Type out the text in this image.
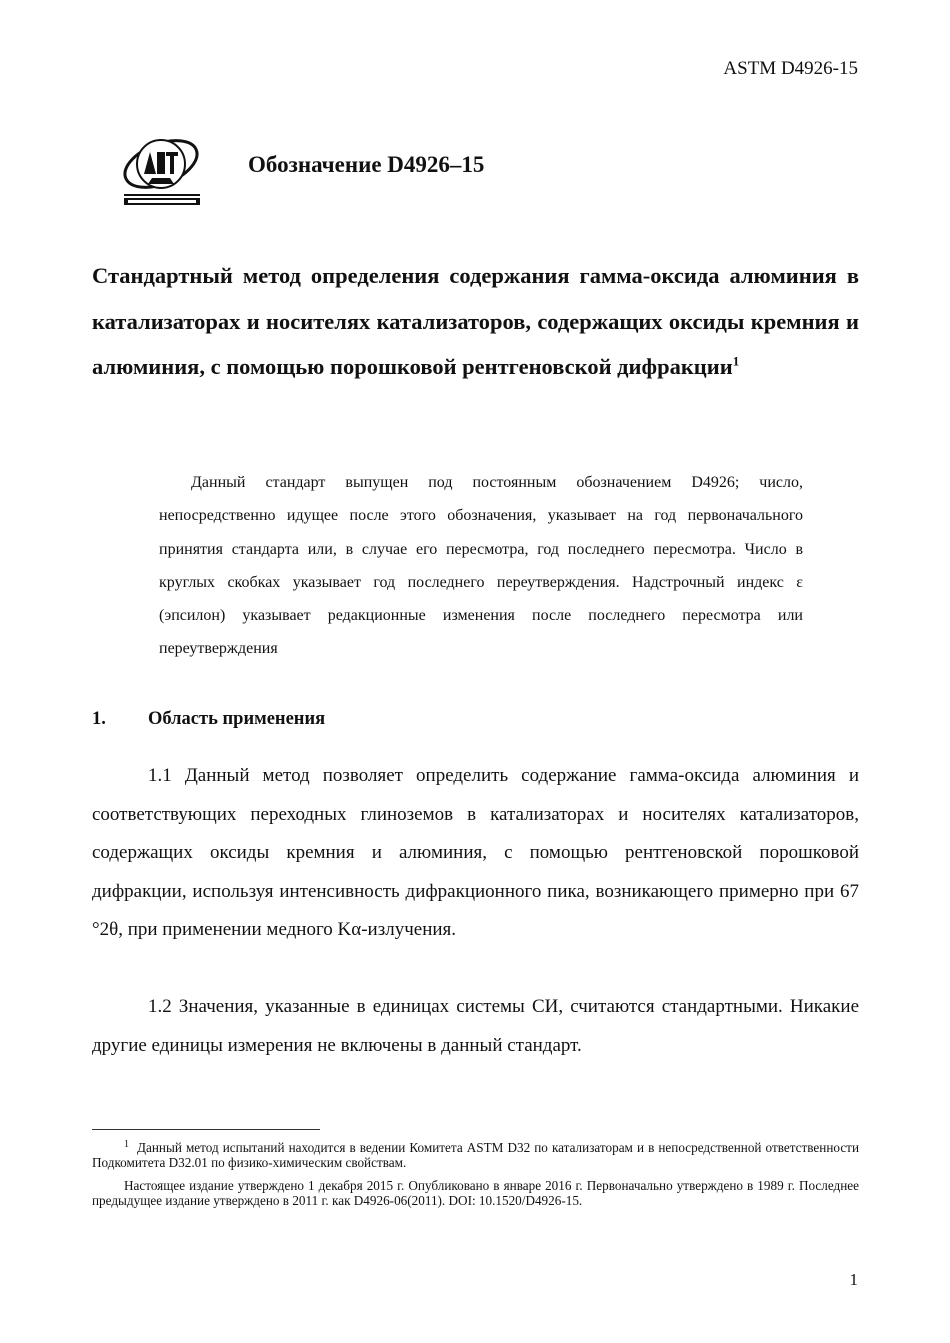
ASTM D4926-15
Обозначение D4926–15
Стандартный метод определения содержания гамма-оксида алюминия в катализаторах и носителях катализаторов, содержащих оксиды кремния и алюминия, с помощью порошковой рентгеновской дифракции$^1$

Данный стандарт выпущен под постоянным обозначением D4926; число, непосредственно идущее после этого обозначения, указывает на год первоначального принятия стандарта или, в случае его пересмотра, год последнего пересмотра. Число в круглых скобках указывает год последнего переутверждения. Надстрочный индекс ε (эпсилон) указывает редакционные изменения после последнего пересмотра или переутверждения

1. Область применения

1.1 Данный метод позволяет определить содержание гамма-оксида алюминия и соответствующих переходных глиноземов в катализаторах и носителях катализаторов, содержащих оксиды кремния и алюминия, с помощью рентгеновской порошковой дифракции, используя интенсивность дифракционного пика, возникающего примерно при 67 °2θ, при применении медного Kα-излучения.

1.2 Значения, указанные в единицах системы СИ, считаются стандартными. Никакие другие единицы измерения не включены в данный стандарт.

$^1$ Данный метод испытаний находится в ведении Комитета ASTM D32 по катализаторам и в непосредственной ответственности Подкомитета D32.01 по физико-химическим свойствам.

Настоящее издание утверждено 1 декабря 2015 г. Опубликовано в январе 2016 г. Первоначально утверждено в 1989 г. Последнее предыдущее издание утверждено в 2011 г. как D4926-06(2011). DOI: 10.1520/D4926-15.

1
